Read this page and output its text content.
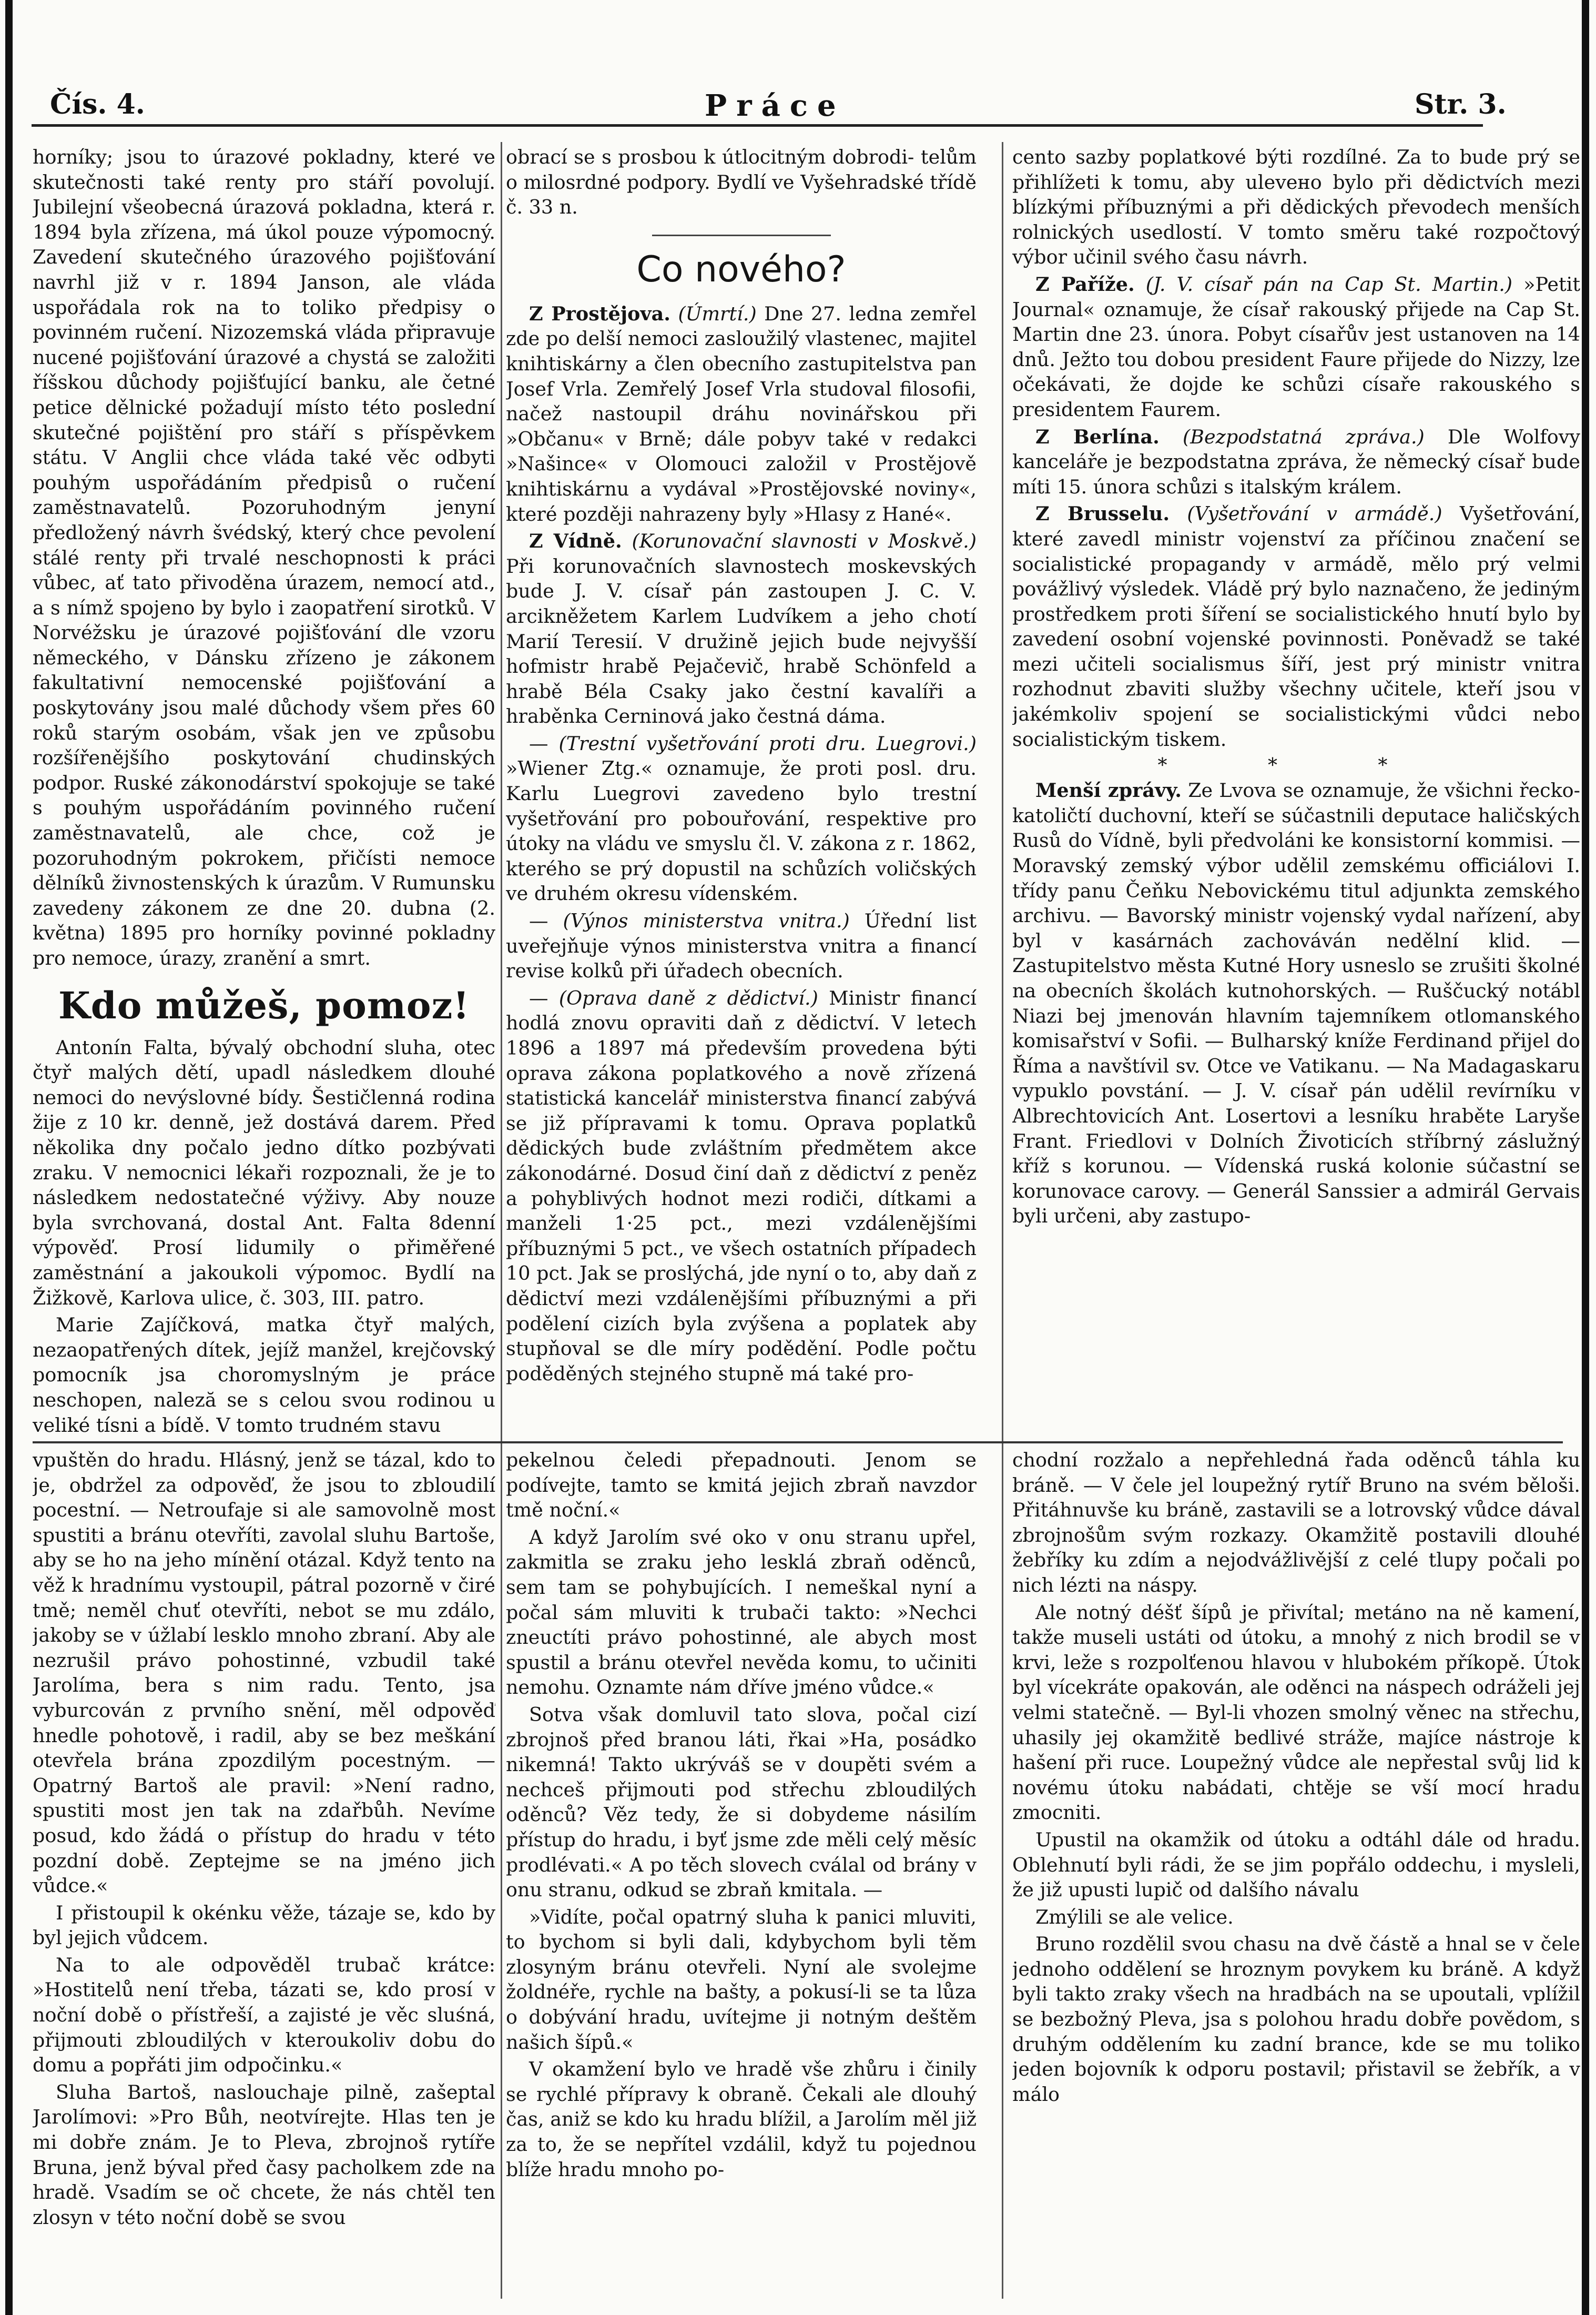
Čís. 4.	Práce	Str. 3.

horníky; jsou to úrazové pokladny, které ve skutečnosti také renty pro stáří povolují. Jubilejní všeobecná úrazová pokladna, která r. 1894 byla zřízena, má úkol pouze výpomocný. Zavedení skutečného úrazového pojišťování navrhl již v r. 1894 Janson, ale vláda uspořádala rok na to toliko předpisy o povinném ručení. Nizozemská vláda připravuje nucené pojišťování úrazové a chystá se založiti říšskou důchody pojišťující banku, ale četné petice dělnické požadují místo této poslední skutečné pojištění pro stáří s příspěvkem státu. V Anglii chce vláda také věc odbyti pouhým uspořádáním předpisů o ručení zaměstnavatelů. Pozoruhodným jenyní předložený návrh švédský, který chce pevolení stálé renty při trvalé neschopnosti k práci vůbec, ať tato přivoděna úrazem, nemocí atd., a s nímž spojeno by bylo i zaopatření sirotků. V Norvéžsku je úrazové pojišťování dle vzoru německého, v Dánsku zřízeno je zákonem fakultativní nemocenské pojišťování a poskytovány jsou malé důchody všem přes 60 roků starým osobám, však jen ve způsobu rozšířenějšího poskytování chudinských podpor. Ruské zákonodárství spokojuje se také s pouhým uspořádáním povinného ručení zaměstnavatelů, ale chce, což je pozoruhodným pokrokem, přičísti nemoce dělníků živnostenských k úrazům. V Rumunsku zavedeny zákonem ze dne 20. dubna (2. května) 1895 pro horníky povinné pokladny pro nemoce, úrazy, zranění a smrt.

Kdo můžeš, pomoz!

Antonín Falta, bývalý obchodní sluha, otec čtyř malých dětí, upadl následkem dlouhé nemoci do nevýslovné bídy. Šestičlenná rodina žije z 10 kr. denně, jež dostává darem. Před několika dny počalo jedno dítko pozbývati zraku. V nemocnici lékaři rozpoznali, že je to následkem nedostatečné výživy. Aby nouze byla svrchovaná, dostal Ant. Falta 8denní výpověď. Prosí lidumily o přiměřené zaměstnání a jakoukoli výpomoc. Bydlí na Žižkově, Karlova ulice, č. 303, III. patro.

Marie Zajíčková, matka čtyř malých, nezaopatřených dítek, jejíž manžel, krejčovský pomocník jsa choromyslným je práce neschopen, naleză se s celou svou rodinou u veliké tísni a bídě. V tomto trudném stavu

obrací se s prosbou k útlocitným dobrodi- telům o milosrdné podpory. Bydlí ve Vyšehradské třídě č. 33 n.

Co nového?

Z Prostějova. (Úmrtí.) Dne 27. ledna zemřel zde po delší nemoci zasloužilý vlastenec, majitel knihtiskárny a člen obecního zastupitelstva pan Josef Vrla. Zemřelý Josef Vrla studoval filosofii, načež nastoupil dráhu novinářskou při »Občanu« v Brně; dále pobyv také v redakci »Našince« v Olomouci založil v Prostějově knihtiskárnu a vydával »Prostějovské noviny«, které později nahrazeny byly »Hlasy z Hané«.

Z Vídně. (Korunovační slavnosti v Moskvě.) Při korunovačních slavnostech moskevských bude J. V. císař pán zastoupen J. C. V. arcikněžetem Karlem Ludvíkem a jeho chotí Marií Teresií. V družině jejich bude nejvyšší hofmistr hrabě Pejačevič, hrabě Schönfeld a hrabě Béla Csaky jako čestní kavalíři a hraběnka Cerninová jako čestná dáma.

— (Trestní vyšetřování proti dru. Luegrovi.) »Wiener Ztg.« oznamuje, že proti posl. dru. Karlu Luegrovi zavedeno bylo trestní vyšetřování pro pobouřování, respektive pro útoky na vládu ve smyslu čl. V. zákona z r. 1862, kterého se prý dopustil na schůzích voličských ve druhém okresu vídenském.

— (Výnos ministerstva vnitra.) Úřední list uveřejňuje výnos ministerstva vnitra a financí revise kolků při úřadech obecních.

— (Oprava daně z dědictví.) Ministr financí hodlá znovu opraviti daň z dědictví. V letech 1896 a 1897 má především provedena býti oprava zákona poplatkového a nově zřízená statistická kancelář ministerstva financí zabývá se již přípravami k tomu. Oprava poplatků dědických bude zvláštním předmětem akce zákonodárné. Dosud činí daň z dědictví z peněz a pohyblivých hodnot mezi rodiči, dítkami a manželi 1·25 pct., mezi vzdálenějšími příbuznými 5 pct., ve všech ostatních případech 10 pct. Jak se proslýchá, jde nyní o to, aby daň z dědictví mezi vzdálenějšími příbuznými a při podělení cizích byla zvýšena a poplatek aby stupňoval se dle míry podědění. Podle počtu poděděných stejného stupně má také pro-

cento sazby poplatkové býti rozdílné. Za to bude prý se přihlížeti k tomu, aby ulevено bylo při dědictvích mezi blízkými příbuznými a při dědických převodech menších rolnických usedlostí. V tomto směru také rozpočtový výbor učinil svého času návrh.

Z Paříže. (J. V. císař pán na Cap St. Martin.) »Petit Journal« oznamuje, že císař rakouský přijede na Cap St. Martin dne 23. února. Pobyt císařův jest ustanoven na 14 dnů. Ježto tou dobou president Faure přijede do Nizzy, lze očekávati, že dojde ke schůzi císaře rakouského s presidentem Faurem.

Z Berlína. (Bezpodstatná zpráva.) Dle Wolfovy kanceláře je bezpodstatna zpráva, že německý císař bude míti 15. února schůzi s italským králem.

Z Brusselu. (Vyšetřování v armádě.) Vyšetřování, které zavedl ministr vojenství za příčinou značení se socialistické propagandy v armádě, mělo prý velmi povážlivý výsledek. Vládě prý bylo naznačeno, že jediným prostředkem proti šíření se socialistického hnutí bylo by zavedení osobní vojenské povinnosti. Poněvadž se také mezi učiteli socialismus šíří, jest prý ministr vnitra rozhodnut zbaviti služby všechny učitele, kteří jsou v jakémkoliv spojení se socialistickými vůdci nebo socialistickým tiskem.

* * *

Menší zprávy. Ze Lvova se oznamuje, že všichni řecko-katoličtí duchovní, kteří se súčastnili deputace haličských Rusů do Vídně, byli předvoláni ke konsistorní kommisi. — Moravský zemský výbor udělil zemskému officiálovi I. třídy panu Čeňku Nebovickému titul adjunkta zemského archivu. — Bavorský ministr vojenský vydal nařízení, aby byl v kasárnách zachováván nedělní klid. — Zastupitelstvo města Kutné Hory usneslo se zrušiti školné na obecních školách kutnohorských. — Ruščucký notábl Niazi bej jmenován hlavním tajemníkem otlomanského komisařství v Sofii. — Bulharský kníže Ferdinand přijel do Říma a navštívil sv. Otce ve Vatikanu. — Na Madagaskaru vypuklo povstání. — J. V. císař pán udělil revírníku v Albrechtovicích Ant. Losertovi a lesníku hraběte Laryše Frant. Friedlovi v Dolních Životicích stříbrný záslužný kříž s korunou. — Vídenská ruská kolonie súčastní se korunovace carovy. — Generál Sanssier a admirál Gervais byli určeni, aby zastupo-

vpuštěn do hradu. Hlásný, jenž se tázal, kdo to je, obdržel za odpověď, že jsou to zbloudilí pocestní. — Netroufaje si ale samovolně most spustiti a bránu otevříti, zavolal sluhu Bartoše, aby se ho na jeho mínění otázal. Když tento na věž k hradnímu vystoupil, pátral pozorně v čiré tmě; neměl chuť otevříti, nebot se mu zdálo, jakoby se v úžlabí lesklo mnoho zbraní. Aby ale nezrušil právo pohostinné, vzbudil také Jarolíma, bera s nim radu. Tento, jsa vyburcován z prvního snění, měl odpověď hnedle pohotově, i radil, aby se bez meškání otevřela brána zpozdilým pocestným. — Opatrný Bartoš ale pravil: »Není radno, spustiti most jen tak na zdařbůh. Nevíme posud, kdo žádá o přístup do hradu v této pozdní době. Zeptejme se na jméno jich vůdce.«

I přistoupil k okénku věže, tázaje se, kdo by byl jejich vůdcem.

Na to ale odpověděl trubač krátce: »Hostitelů není třeba, tázati se, kdo prosí v noční době o přístřeší, a zajisté je věc sluśná, přijmouti zbloudilých v kteroukoliv dobu do domu a popřáti jim odpočinku.«

Sluha Bartoš, naslouchaje pilně, zašeptal Jarolímovi: »Pro Bůh, neotvírejte. Hlas ten je mi dobře znám. Je to Pleva, zbrojnoš rytíře Bruna, jenž býval před časy pacholkem zde na hradě. Vsadím se oč chcete, že nás chtěl ten zlosyn v této noční době se svou

pekelnou čeledi přepadnouti. Jenom se podívejte, tamto se kmitá jejich zbraň navzdor tmě noční.«

A když Jarolím své oko v onu stranu upřel, zakmitla se zraku jeho lesklá zbraň oděnců, sem tam se pohybujících. I nemeškal nyní a počal sám mluviti k trubači takto: »Nechci zneuctíti právo pohostinné, ale abych most spustil a bránu otevřel nevěda komu, to učiniti nemohu. Oznamte nám dříve jméno vůdce.«

Sotva však domluvil tato slova, počal cizí zbrojnoš před branou láti, řkai »Ha, posádko nikemná! Takto ukrýváš se v doupěti svém a nechceš přijmouti pod střechu zbloudilých oděnců? Věz tedy, že si dobydeme násilím přístup do hradu, i byť jsme zde měli celý měsíc prodlévati.« A po těch slovech cválal od brány v onu stranu, odkud se zbraň kmitala. —

»Vidíte, počal opatrný sluha k panici mluviti, to bychom si byli dali, kdybychom byli těm zlosyným bránu otevřeli. Nyní ale svolejme žoldnéře, rychle na bašty, a pokusí-li se ta lůza o dobývání hradu, uvítejme ji notným deštěm našich šípů.«

V okamžení bylo ve hradě vše zhůru i činily se rychlé přípravy k obraně. Čekali ale dlouhý čas, aniž se kdo ku hradu blížil, a Jarolím měl již za to, že se nepřítel vzdálil, když tu pojednou blíže hradu mnoho po-

chodní rozžalo a nepřehledná řada oděnců táhla ku bráně. — V čele jel loupežný rytíř Bruno na svém běloši. Přitáhnuvše ku bráně, zastavili se a lotrovský vůdce dával zbrojnošům svým rozkazy. Okamžitě postavili dlouhé žebříky ku zdím a nejodvážlivější z celé tlupy počali po nich lézti na náspy.

Ale notný déšť šípů je přivítal; metáno na ně kamení, takže museli ustáti od útoku, a mnohý z nich brodil se v krvi, leže s rozpolťenou hlavou v hlubokém příkopě. Útok byl vícekráte opakován, ale oděnci na náspech odráželi jej velmi statečně. — Byl-li vhozen smolný věnec na střechu, uhasily jej okamžitě bedlivé stráže, majíce nástroje k hašení při ruce. Loupežný vůdce ale nepřestal svůj lid k novému útoku nabádati, chtěje se vší mocí hradu zmocniti.

Upustil na okamžik od útoku a odtáhl dále od hradu. Oblehnutí byli rádi, že se jim popřálo oddechu, i mysleli, že již upusti lupič od dalšího návalu

Zmýlili se ale velice.

Bruno rozdělil svou chasu na dvě částě a hnal se v čele jednoho oddělení se hroznym povykem ku bráně. A když byli takto zraky všech na hradbách na se upoutali, vplížil se bezbožný Pleva, jsa s polohou hradu dobře povědom, s druhým oddělením ku zadní brance, kde se mu toliko jeden bojovník k odporu postavil; přistavil se žebřík, a v málo
